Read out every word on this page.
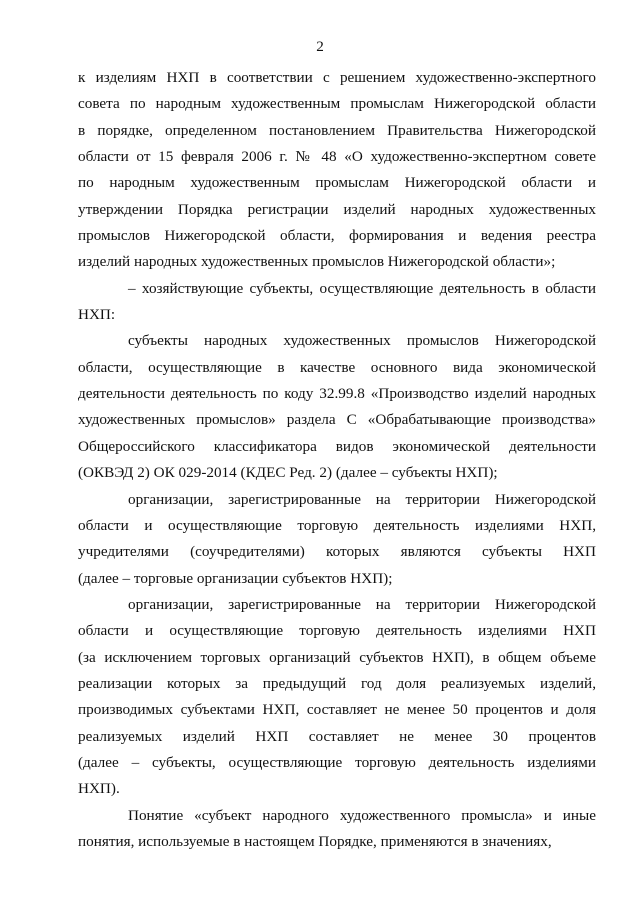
2

к изделиям НХП в соответствии с решением художественно-экспертного
совета по народным художественным промыслам Нижегородской области
в порядке, определенном постановлением Правительства Нижегородской
области от 15 февраля 2006 г. № 48 «О художественно-экспертном совете
по народным художественным промыслам Нижегородской области и
утверждении Порядка регистрации изделий народных художественных
промыслов Нижегородской области, формирования и ведения реестра
изделий народных художественных промыслов Нижегородской области»;

– хозяйствующие субъекты, осуществляющие деятельность в области
НХП:

субъекты народных художественных промыслов Нижегородской
области, осуществляющие в качестве основного вида экономической
деятельности деятельность по коду 32.99.8 «Производство изделий народных
художественных промыслов» раздела С «Обрабатывающие производства»
Общероссийского классификатора видов экономической деятельности
(ОКВЭД 2) ОК 029-2014 (КДЕС Ред. 2) (далее – субъекты НХП);

организации, зарегистрированные на территории Нижегородской
области и осуществляющие торговую деятельность изделиями НХП,
учредителями (соучредителями) которых являются субъекты НХП
(далее – торговые организации субъектов НХП);

организации, зарегистрированные на территории Нижегородской
области и осуществляющие торговую деятельность изделиями НХП
(за исключением торговых организаций субъектов НХП), в общем объеме
реализации которых за предыдущий год доля реализуемых изделий,
производимых субъектами НХП, составляет не менее 50 процентов и доля
реализуемых изделий НХП составляет не менее 30 процентов
(далее – субъекты, осуществляющие торговую деятельность изделиями
НХП).

Понятие «субъект народного художественного промысла» и иные
понятия, используемые в настоящем Порядке, применяются в значениях,
